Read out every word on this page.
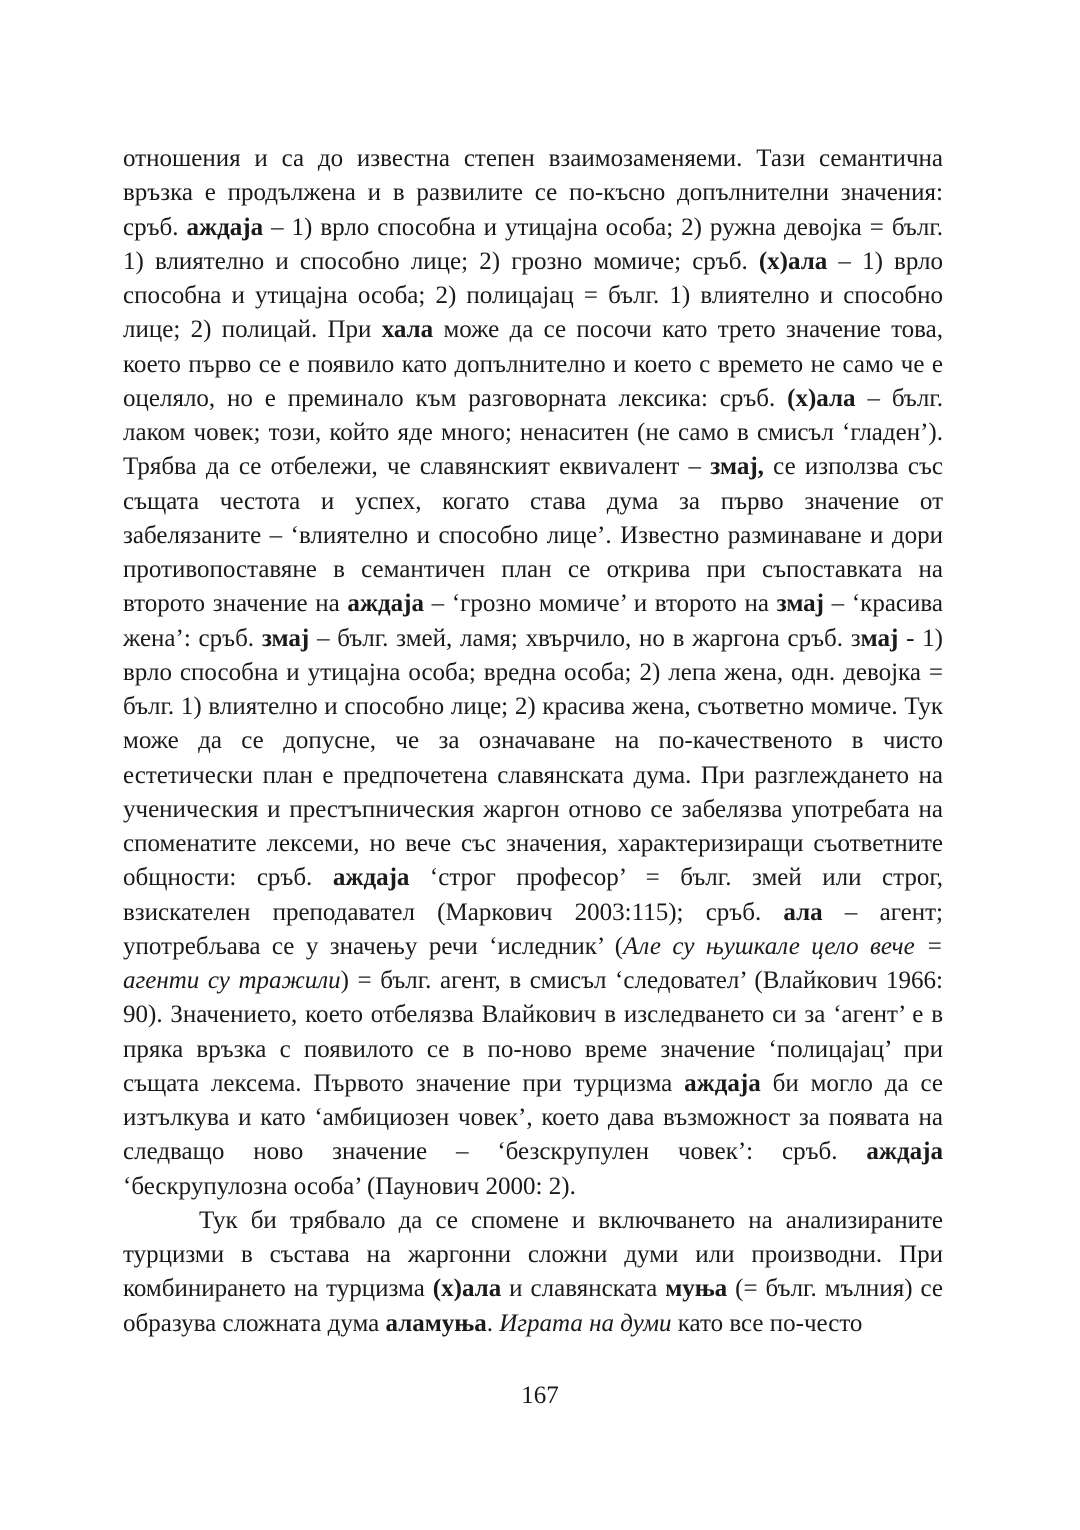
отношения и са до известна степен взаимозаменяеми. Тази семантична връзка е продължена и в развилите се по-късно допълнителни значения: сръб. аждаја – 1) врло способна и утицајна особа; 2) ружна девојка = бълг. 1) влиятелно и способно лице; 2) грозно момиче; сръб. (х)ала – 1) врло способна и утицајна особа; 2) полицајац = бълг. 1) влиятелно и способно лице; 2) полицай. При хала може да се посочи като трето значение това, което първо се е появило като допълнително и което с времето не само че е оцеляло, но е преминало към разговорната лексика: сръб. (х)ала – бълг. лаком човек; този, който яде много; ненаситен (не само в смисъл ‘гладен’). Трябва да се отбележи, че славянският еквиvалент – змај, се използва със същата честота и успех, когато става дума за първо значение от забелязаните – ‘влиятелно и способно лице’. Известно разминаване и дори противопоставяне в семантичен план се открива при съпоставката на второто значение на аждаја – ‘грозно момиче’ и второто на змај – ‘красива жена’: сръб. змај – бълг. змей, ламя; хвърчило, но в жаргона сръб. змај - 1) врло способна и утицајна особа; вредна особа; 2) лепа жена, одн. девојка = бълг. 1) влиятелно и способно лице; 2) красива жена, съответно момиче. Тук може да се допусне, че за означаване на по-качественото в чисто естетически план е предпочетена славянската дума. При разглеждането на ученическия и престъпническия жаргон отново се забелязва употребата на споменатите лексеми, но вече със значения, характеризиращи съответните общности: сръб. аждаја ‘строг професор’ = бълг. змей или строг, взискателен преподавател (Маркович 2003:115); сръб. ала – агент; употребљава се у значењу речи ‘иследник’ (Але су њушкале цело вече = агенти су тражили) = бълг. агент, в смисъл ‘следовател’ (Влайкович 1966: 90). Значението, което отбелязва Влайкович в изследването си за ‘агент’ е в пряка връзка с появилото се в по-ново време значение ‘полицајац’ при същата лексема. Първото значение при турцизма аждаја би могло да се изтълкува и като ‘амбициозен човек’, което дава възможност за появата на следващо ново значение – ‘безскрупулен човек’: сръб. аждаја ‘бескрупулозна особа’ (Паунович 2000: 2).

Тук би трябвало да се спомене и включването на анализираните турцизми в състава на жаргонни сложни думи или производни. При комбинирането на турцизма (х)ала и славянската муња (= бълг. мълния) се образува сложната дума аламуња. Играта на думи като все по-често

167
